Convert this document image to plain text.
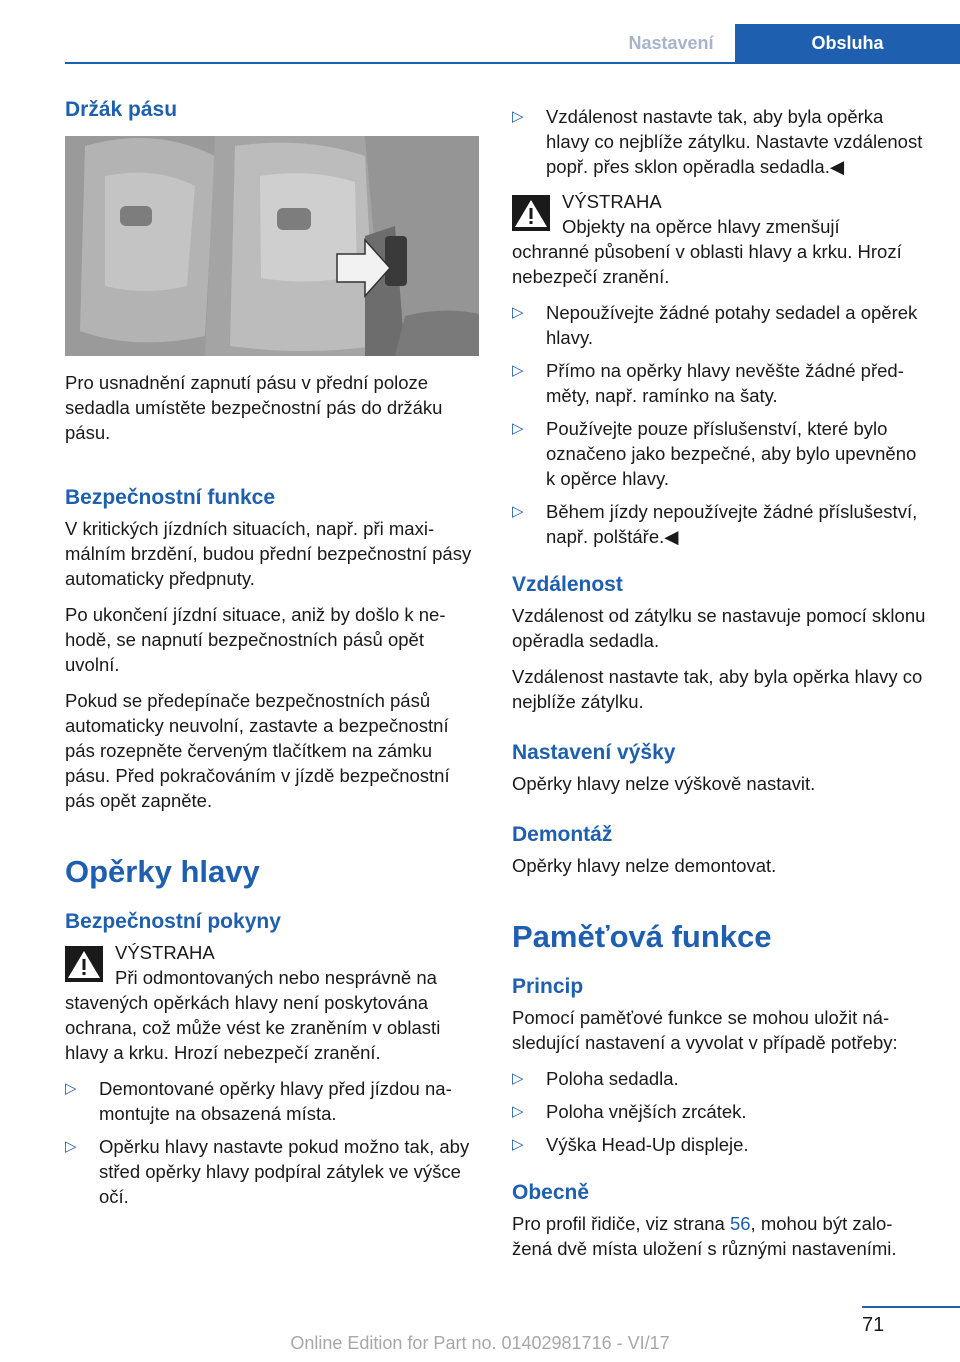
Nastavení	Obsluha
Držák pásu

Pro usnadnění zapnutí pásu v přední poloze sedadla umístěte bezpečnostní pás do držáku pásu.

Bezpečnostní funkce

V kritických jízdních situacích, např. při maximálním brzdění, budou přední bezpečnostní pásy automaticky předpnuty.

Po ukončení jízdní situace, aniž by došlo k nehodě, se napnutí bezpečnostních pásů opět uvolní.

Pokud se předepínače bezpečnostních pásů automaticky neuvolní, zastavte a bezpečnostní pás rozepněte červeným tlačítkem na zámku pásu. Před pokračováním v jízdě bezpečnostní pás opět zapněte.

Opěrky hlavy
Bezpečnostní pokyny
VÝSTRAHA
Při odmontovaných nebo nesprávně na
stavených opěrkách hlavy není poskytována ochrana, což může vést ke zraněním v oblasti hlavy a krku. Hrozí nebezpečí zranění.
▷	Demontované opěrky hlavy před jízdou namontujte na obsazená místa.
▷	Opěrku hlavy nastavte pokud možno tak, aby střed opěrky hlavy podpíral zátylek ve výšce očí.
▷	Vzdálenost nastavte tak, aby byla opěrka hlavy co nejblíže zátylku. Nastavte vzdálenost popř. přes sklon opěradla sedadla.◀
VÝSTRAHA
Objekty na opěrce hlavy zmenšují
ochranné působení v oblasti hlavy a krku. Hrozí nebezpečí zranění.
▷	Nepoužívejte žádné potahy sedadel a opěrek hlavy.
▷	Přímo na opěrky hlavy nevěšte žádné předměty, např. ramínko na šaty.
▷	Používejte pouze příslušenství, které bylo označeno jako bezpečné, aby bylo upevněno k opěrce hlavy.
▷	Během jízdy nepoužívejte žádné příslušeství, např. polštáře.◀
Vzdálenost

Vzdálenost od zátylku se nastavuje pomocí sklonu opěradla sedadla.

Vzdálenost nastavte tak, aby byla opěrka hlavy co nejblíže zátylku.

Nastavení výšky

Opěrky hlavy nelze výškově nastavit.

Demontáž

Opěrky hlavy nelze demontovat.

Paměťová funkce
Princip

Pomocí paměťové funkce se mohou uložit následující nastavení a vyvolat v případě potřeby:

▷	Poloha sedadla.
▷	Poloha vnějších zrcátek.
▷	Výška Head-Up displeje.
Obecně

Pro profil řidiče, viz strana 56, mohou být založená dvě místa uložení s různými nastaveními.

71
Online Edition for Part no. 01402981716 - VI/17
